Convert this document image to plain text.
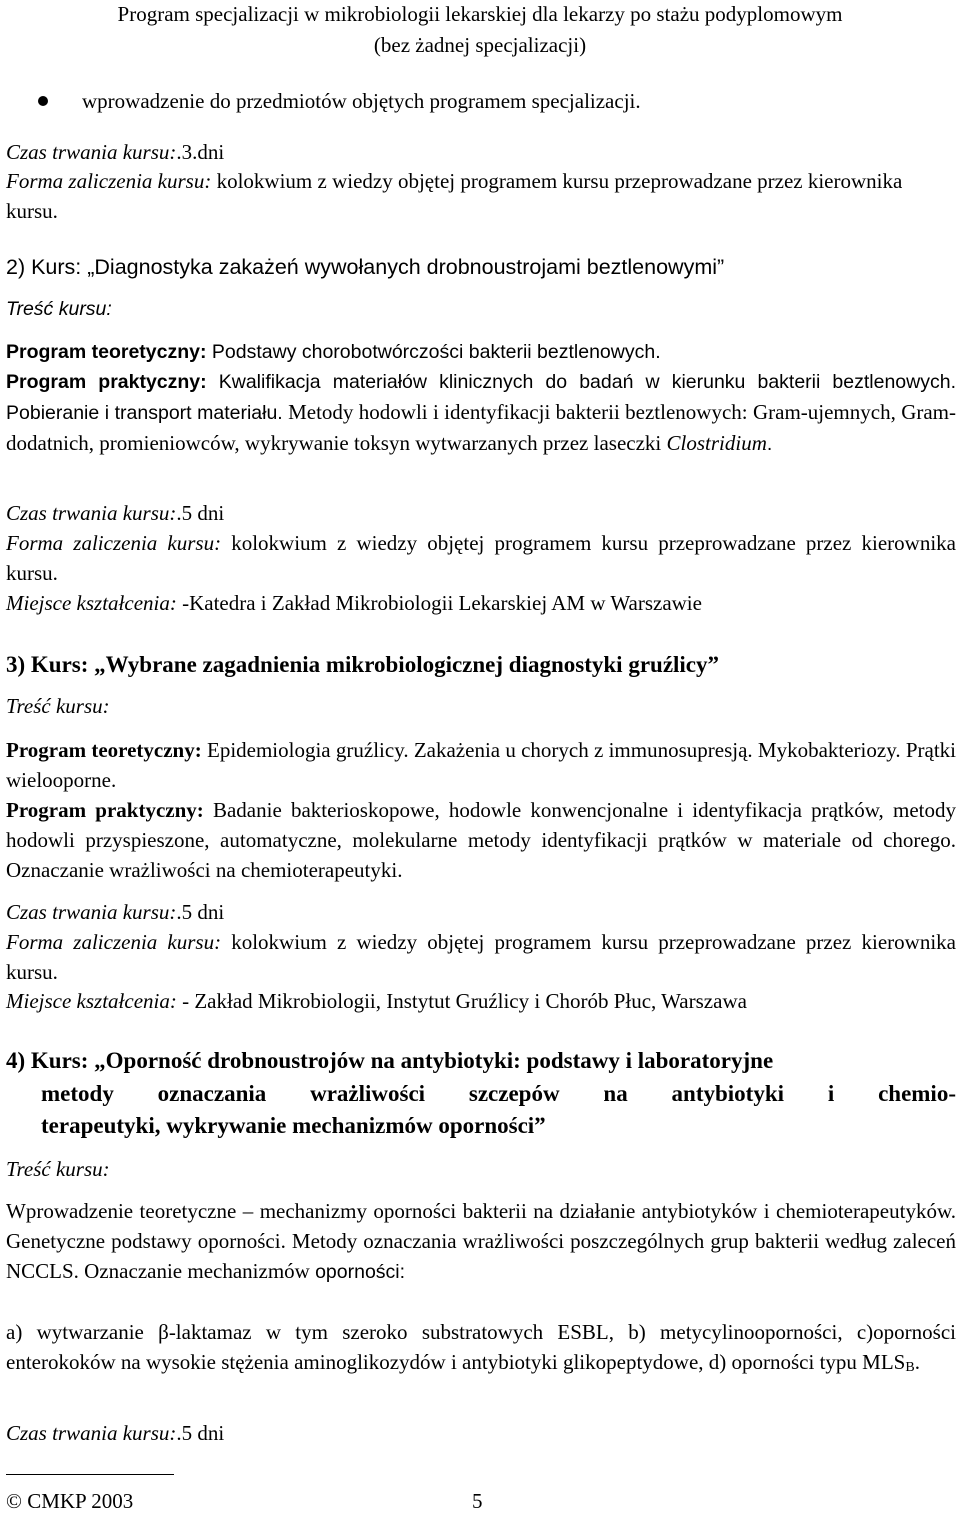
Program specjalizacji w mikrobiologii lekarskiej dla lekarzy po stażu podyplomowym
(bez żadnej specjalizacji)
wprowadzenie do przedmiotów objętych programem specjalizacji.
Czas trwania kursu:.3.dni
Forma zaliczenia kursu: kolokwium z wiedzy objętej programem kursu przeprowadzane przez kierownika kursu.
2) Kurs: „Diagnostyka zakażeń wywołanych drobnoustrojami beztlenowymi”
Treść kursu:
Program teoretyczny: Podstawy chorobotwórczości bakterii beztlenowych.
Program praktyczny: Kwalifikacja materiałów klinicznych do badań w kierunku bakterii beztlenowych. Pobieranie i transport materiału. Metody hodowli i identyfikacji bakterii beztlenowych: Gram-ujemnych, Gram-dodatnich, promieniowców, wykrywanie toksyn wytwarzanych przez laseczki Clostridium.
Czas trwania kursu:.5 dni
Forma zaliczenia kursu: kolokwium z wiedzy objętej programem kursu przeprowadzane przez kierownika kursu.
Miejsce kształcenia: -Katedra i Zakład Mikrobiologii Lekarskiej AM w Warszawie
3) Kurs: „Wybrane zagadnienia mikrobiologicznej diagnostyki gruźlicy”
Treść kursu:
Program teoretyczny: Epidemiologia gruźlicy. Zakażenia u chorych z immunosupresją. Mykobakteriozy. Prątki wielooporne.
Program praktyczny: Badanie bakterioskopowe, hodowle konwencjonalne i identyfikacja prątków, metody hodowli przyspieszone, automatyczne, molekularne metody identyfikacji prątków w materiale od chorego. Oznaczanie wrażliwości na chemioterapeutyki.
Czas trwania kursu:.5 dni
Forma zaliczenia kursu: kolokwium z wiedzy objętej programem kursu przeprowadzane przez kierownika kursu.
Miejsce kształcenia: - Zakład Mikrobiologii, Instytut Gruźlicy i Chorób Płuc, Warszawa
4) Kurs: „Oporność drobnoustrojów na antybiotyki: podstawy i laboratoryjne
metody oznaczania wrażliwości szczepów na antybiotyki i chemio-
terapeutyki, wykrywanie mechanizmów oporności”
Treść kursu:
Wprowadzenie teoretyczne – mechanizmy oporności bakterii na działanie antybiotyków i chemioterapeutyków. Genetyczne podstawy oporności. Metody oznaczania wrażliwości poszczególnych grup bakterii według zaleceń NCCLS. Oznaczanie mechanizmów oporności:
a) wytwarzanie β-laktamaz w tym szeroko substratowych ESBL, b) metycylinooporności, c)oporności enterokoków na wysokie stężenia aminoglikozydów i antybiotyki glikopeptydowe, d) oporności typu $MLS_B$.
Czas trwania kursu:.5 dni
© CMKP 2003	5
